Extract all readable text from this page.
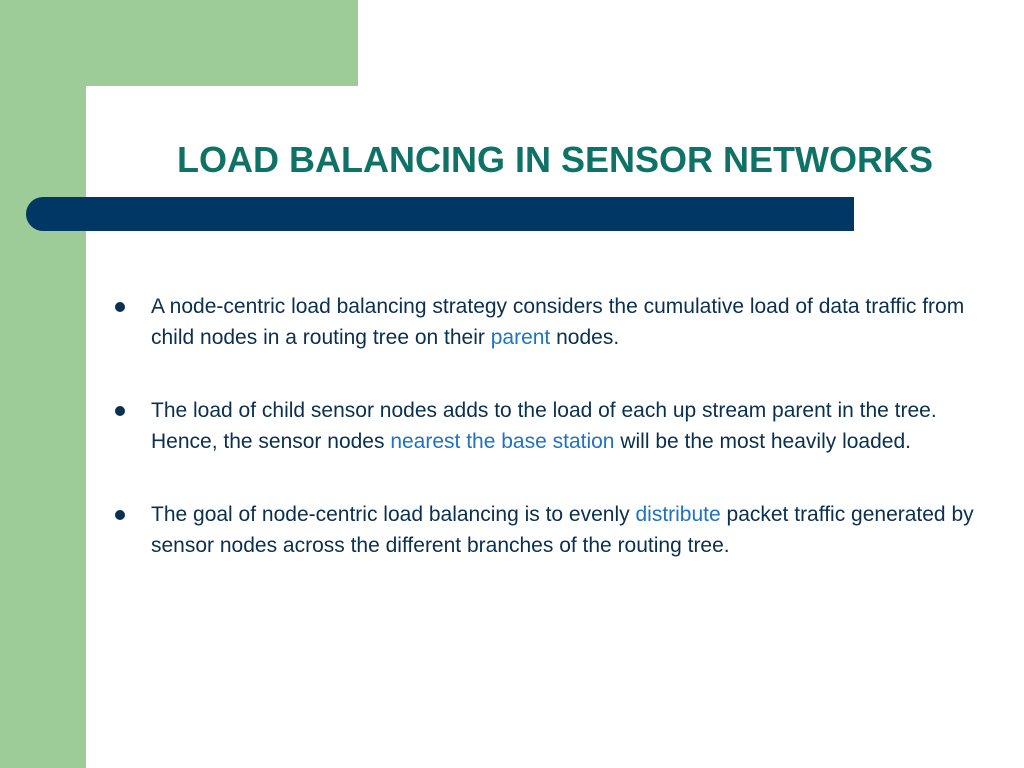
LOAD BALANCING IN SENSOR NETWORKS
A node-centric load balancing strategy considers the cumulative load of data traffic from child nodes in a routing tree on their parent nodes.
The load of child sensor nodes adds to the load of each up stream parent in the tree. Hence, the sensor nodes nearest the base station will be the most heavily loaded.
The goal of node-centric load balancing is to evenly distribute packet traffic generated by sensor nodes across the different branches of the routing tree.
